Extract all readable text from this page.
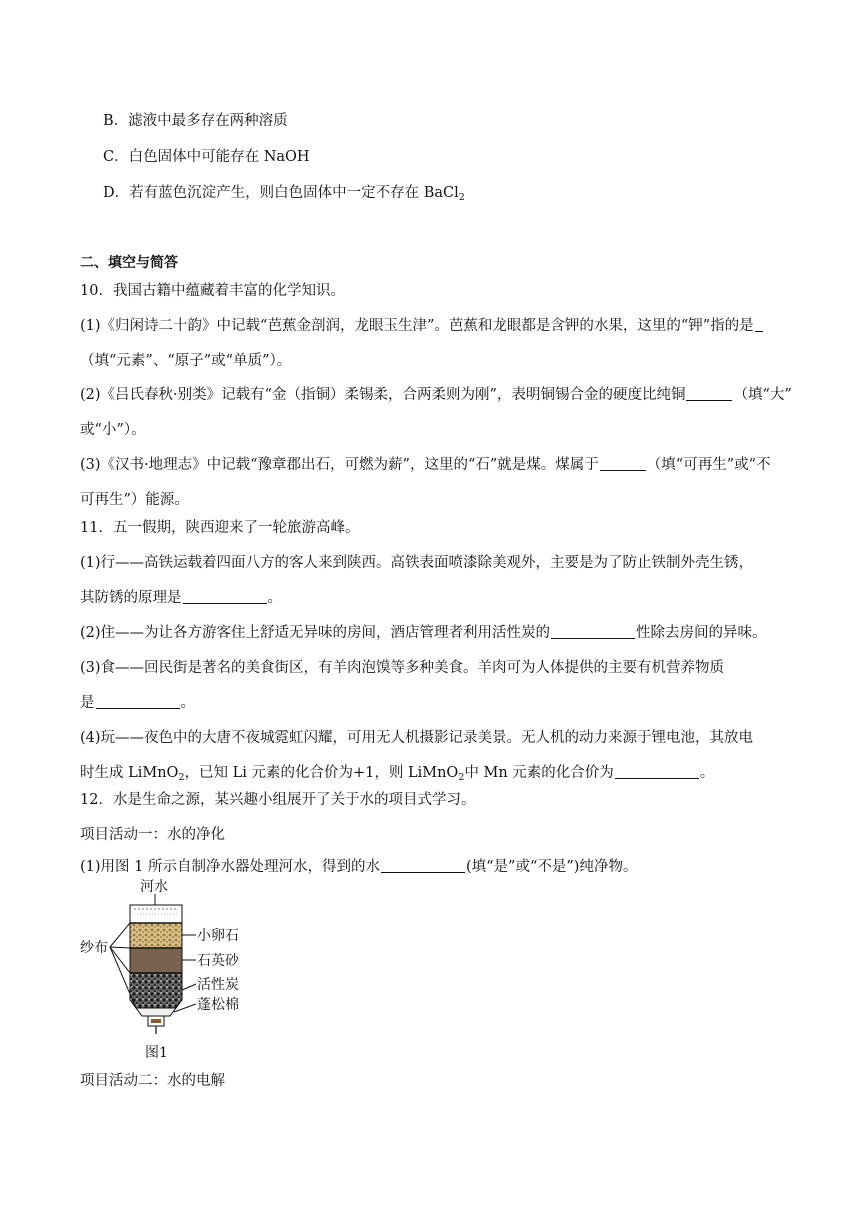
B．滤液中最多存在两种溶质
C．白色固体中可能存在 NaOH
D．若有蓝色沉淀产生，则白色固体中一定不存在 BaCl$_2$
二、填空与简答
10．我国古籍中蕴藏着丰富的化学知识。
(1)《归闲诗二十韵》中记载“芭蕉金剖润，龙眼玉生津”。芭蕉和龙眼都是含钾的水果，这里的“钾”指的是
（填“元素”、“原子”或“单质”）。
(2)《吕氏春秋·别类》记载有“金（指铜）柔锡柔，合两柔则为刚”，表明铜锡合金的硬度比纯铜	（填“大”
或“小”）。
(3)《汉书·地理志》中记载“豫章郡出石，可燃为薪”，这里的“石”就是煤。煤属于	（填“可再生”或“不
可再生”）能源。
11．五一假期，陕西迎来了一轮旅游高峰。
(1)行——高铁运载着四面八方的客人来到陕西。高铁表面喷漆除美观外，主要是为了防止铁制外壳生锈，
其防锈的原理是	。
(2)住——为让各方游客住上舒适无异味的房间，酒店管理者利用活性炭的	性除去房间的异味。
(3)食——回民街是著名的美食街区，有羊肉泡馍等多种美食。羊肉可为人体提供的主要有机营养物质
是	。
(4)玩——夜色中的大唐不夜城霓虹闪耀，可用无人机摄影记录美景。无人机的动力来源于锂电池，其放电
时生成 LiMnO$_2$，已知 Li 元素的化合价为+1，则 LiMnO$_2$中 Mn 元素的化合价为	。
12．水是生命之源，某兴趣小组展开了关于水的项目式学习。
项目活动一：水的净化
(1)用图 1 所示自制净水器处理河水，得到的水	(填“是”或“不是”)纯净物。
河水
纱布
小卵石
石英砂
活性炭
蓬松棉
图1
项目活动二：水的电解
